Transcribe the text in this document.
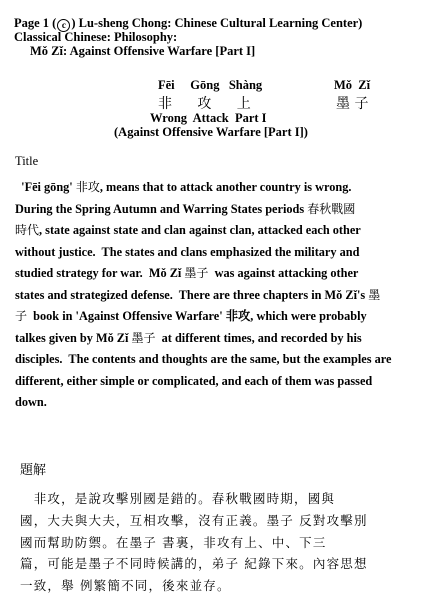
Page 1 ( c ) Lu-sheng Chong: Chinese Cultural Learning Center)
Classical Chinese: Philosophy:
Mǒ Zǐ: Against Offensive Warfare [Part I]
Fēi     Gōng   Shàng	Mǒ  Zǐ
非   攻   上	墨 子
Wrong  Attack  Part I
(Against Offensive Warfare [Part I])
Title
'Fēi gōng' 非攻, means that to attack another country is wrong.
During the Spring Autumn and Warring States periods 春秋戰國
時代, state against state and clan against clan, attacked each other
without justice.  The states and clans emphasized the military and
studied strategy for war.  Mǒ Zǐ 墨子  was against attacking other
states and strategized defense.  There are three chapters in Mǒ Zǐ's 墨
子  book in 'Against Offensive Warfare' 非攻, which were probably
talkes given by Mǒ Zǐ 墨子  at different times, and recorded by his
disciples.  The contents and thoughts are the same, but the examples are
different, either simple or complicated, and each of them was passed
down.
題解
　非攻，是說攻擊別國是錯的。春秋戰國時期，國與
國，大夫與大夫，互相攻擊，沒有正義。墨子 反對攻擊別
國而幫助防禦。在墨子 書裏，非攻有上、中、下三
篇，可能是墨子不同時候講的，弟子 紀錄下來。內容思想
一致，舉 例繁簡不同，後來並存。
